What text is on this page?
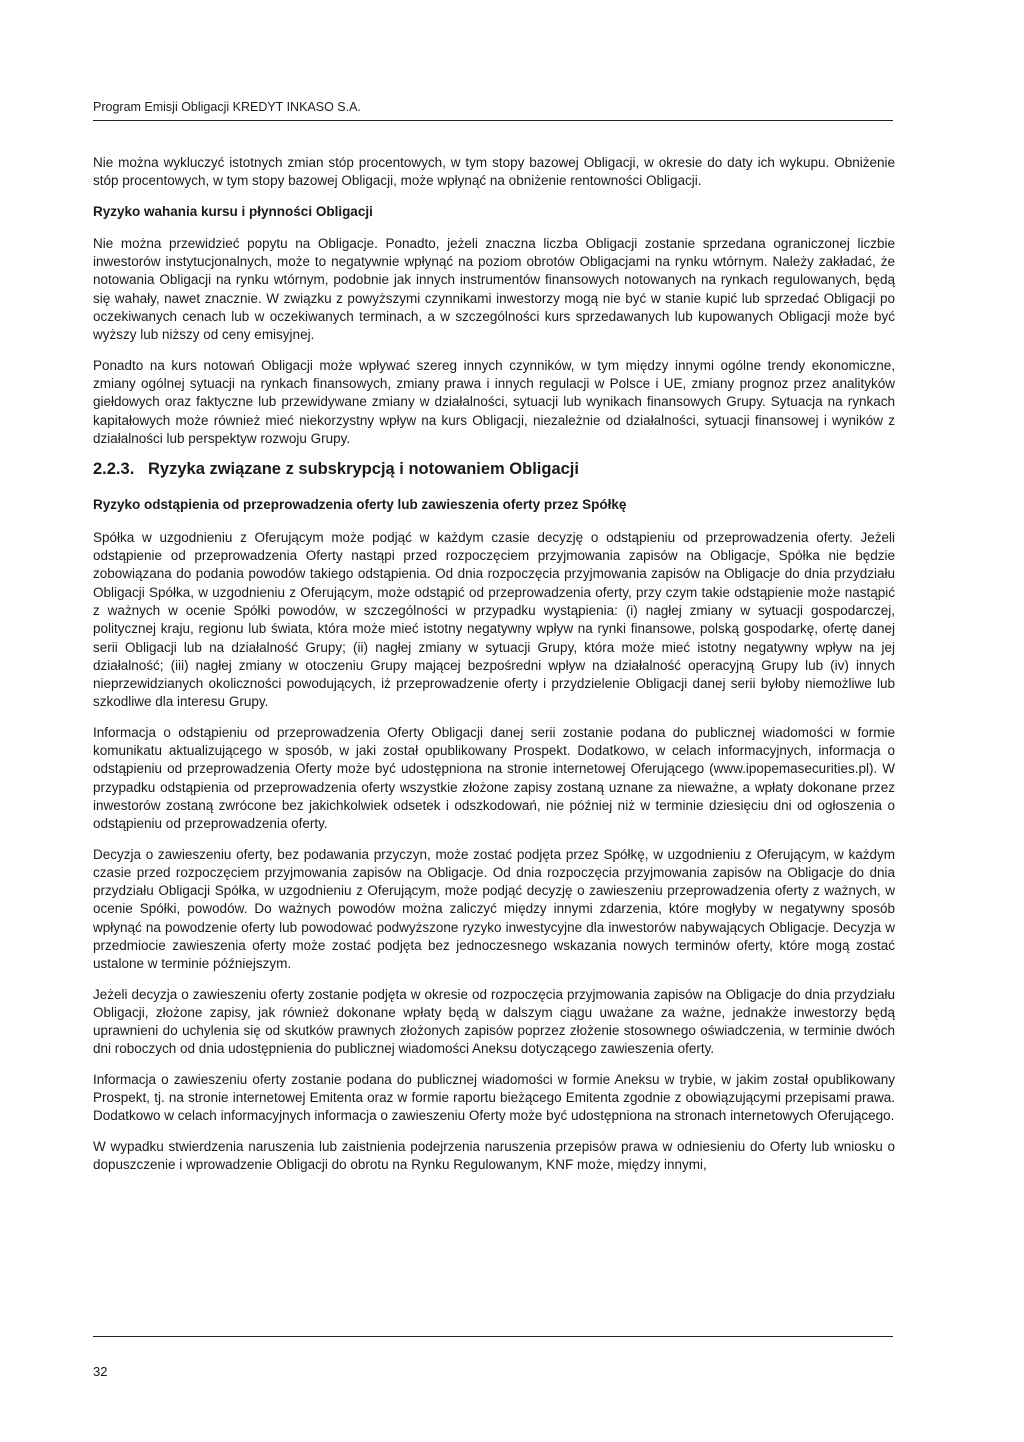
Program Emisji Obligacji KREDYT INKASO S.A.

Nie można wykluczyć istotnych zmian stóp procentowych, w tym stopy bazowej Obligacji, w okresie do daty ich wykupu. Obniżenie stóp procentowych, w tym stopy bazowej Obligacji, może wpłynąć na obniżenie rentowności Obligacji.

Ryzyko wahania kursu i płynności Obligacji

Nie można przewidzieć popytu na Obligacje. Ponadto, jeżeli znaczna liczba Obligacji zostanie sprzedana ograniczonej liczbie inwestorów instytucjonalnych, może to negatywnie wpłynąć na poziom obrotów Obligacjami na rynku wtórnym. Należy zakładać, że notowania Obligacji na rynku wtórnym, podobnie jak innych instrumentów finansowych notowanych na rynkach regulowanych, będą się wahały, nawet znacznie. W związku z powyższymi czynnikami inwestorzy mogą nie być w stanie kupić lub sprzedać Obligacji po oczekiwanych cenach lub w oczekiwanych terminach, a w szczególności kurs sprzedawanych lub kupowanych Obligacji może być wyższy lub niższy od ceny emisyjnej.

Ponadto na kurs notowań Obligacji może wpływać szereg innych czynników, w tym między innymi ogólne trendy ekonomiczne, zmiany ogólnej sytuacji na rynkach finansowych, zmiany prawa i innych regulacji w Polsce i UE, zmiany prognoz przez analityków giełdowych oraz faktyczne lub przewidywane zmiany w działalności, sytuacji lub wynikach finansowych Grupy. Sytuacja na rynkach kapitałowych może również mieć niekorzystny wpływ na kurs Obligacji, niezależnie od działalności, sytuacji finansowej i wyników z działalności lub perspektyw rozwoju Grupy.

2.2.3. Ryzyka związane z subskrypcją i notowaniem Obligacji
Ryzyko odstąpienia od przeprowadzenia oferty lub zawieszenia oferty przez Spółkę

Spółka w uzgodnieniu z Oferującym może podjąć w każdym czasie decyzję o odstąpieniu od przeprowadzenia oferty. Jeżeli odstąpienie od przeprowadzenia Oferty nastąpi przed rozpoczęciem przyjmowania zapisów na Obligacje, Spółka nie będzie zobowiązana do podania powodów takiego odstąpienia. Od dnia rozpoczęcia przyjmowania zapisów na Obligacje do dnia przydziału Obligacji Spółka, w uzgodnieniu z Oferującym, może odstąpić od przeprowadzenia oferty, przy czym takie odstąpienie może nastąpić z ważnych w ocenie Spółki powodów, w szczególności w przypadku wystąpienia: (i) nagłej zmiany w sytuacji gospodarczej, politycznej kraju, regionu lub świata, która może mieć istotny negatywny wpływ na rynki finansowe, polską gospodarkę, ofertę danej serii Obligacji lub na działalność Grupy; (ii) nagłej zmiany w sytuacji Grupy, która może mieć istotny negatywny wpływ na jej działalność; (iii) nagłej zmiany w otoczeniu Grupy mającej bezpośredni wpływ na działalność operacyjną Grupy lub (iv) innych nieprzewidzianych okoliczności powodujących, iż przeprowadzenie oferty i przydzielenie Obligacji danej serii byłoby niemożliwe lub szkodliwe dla interesu Grupy.

Informacja o odstąpieniu od przeprowadzenia Oferty Obligacji danej serii zostanie podana do publicznej wiadomości w formie komunikatu aktualizującego w sposób, w jaki został opublikowany Prospekt. Dodatkowo, w celach informacyjnych, informacja o odstąpieniu od przeprowadzenia Oferty może być udostępniona na stronie internetowej Oferującego (www.ipopemasecurities.pl). W przypadku odstąpienia od przeprowadzenia oferty wszystkie złożone zapisy zostaną uznane za nieważne, a wpłaty dokonane przez inwestorów zostaną zwrócone bez jakichkolwiek odsetek i odszkodowań, nie później niż w terminie dziesięciu dni od ogłoszenia o odstąpieniu od przeprowadzenia oferty.

Decyzja o zawieszeniu oferty, bez podawania przyczyn, może zostać podjęta przez Spółkę, w uzgodnieniu z Oferującym, w każdym czasie przed rozpoczęciem przyjmowania zapisów na Obligacje. Od dnia rozpoczęcia przyjmowania zapisów na Obligacje do dnia przydziału Obligacji Spółka, w uzgodnieniu z Oferującym, może podjąć decyzję o zawieszeniu przeprowadzenia oferty z ważnych, w ocenie Spółki, powodów. Do ważnych powodów można zaliczyć między innymi zdarzenia, które mogłyby w negatywny sposób wpłynąć na powodzenie oferty lub powodować podwyższone ryzyko inwestycyjne dla inwestorów nabywających Obligacje. Decyzja w przedmiocie zawieszenia oferty może zostać podjęta bez jednoczesnego wskazania nowych terminów oferty, które mogą zostać ustalone w terminie późniejszym.

Jeżeli decyzja o zawieszeniu oferty zostanie podjęta w okresie od rozpoczęcia przyjmowania zapisów na Obligacje do dnia przydziału Obligacji, złożone zapisy, jak również dokonane wpłaty będą w dalszym ciągu uważane za ważne, jednakże inwestorzy będą uprawnieni do uchylenia się od skutków prawnych złożonych zapisów poprzez złożenie stosownego oświadczenia, w terminie dwóch dni roboczych od dnia udostępnienia do publicznej wiadomości Aneksu dotyczącego zawieszenia oferty.

Informacja o zawieszeniu oferty zostanie podana do publicznej wiadomości w formie Aneksu w trybie, w jakim został opublikowany Prospekt, tj. na stronie internetowej Emitenta oraz w formie raportu bieżącego Emitenta zgodnie z obowiązującymi przepisami prawa. Dodatkowo w celach informacyjnych informacja o zawieszeniu Oferty może być udostępniona na stronach internetowych Oferującego.

W wypadku stwierdzenia naruszenia lub zaistnienia podejrzenia naruszenia przepisów prawa w odniesieniu do Oferty lub wniosku o dopuszczenie i wprowadzenie Obligacji do obrotu na Rynku Regulowanym, KNF może, między innymi,

32
